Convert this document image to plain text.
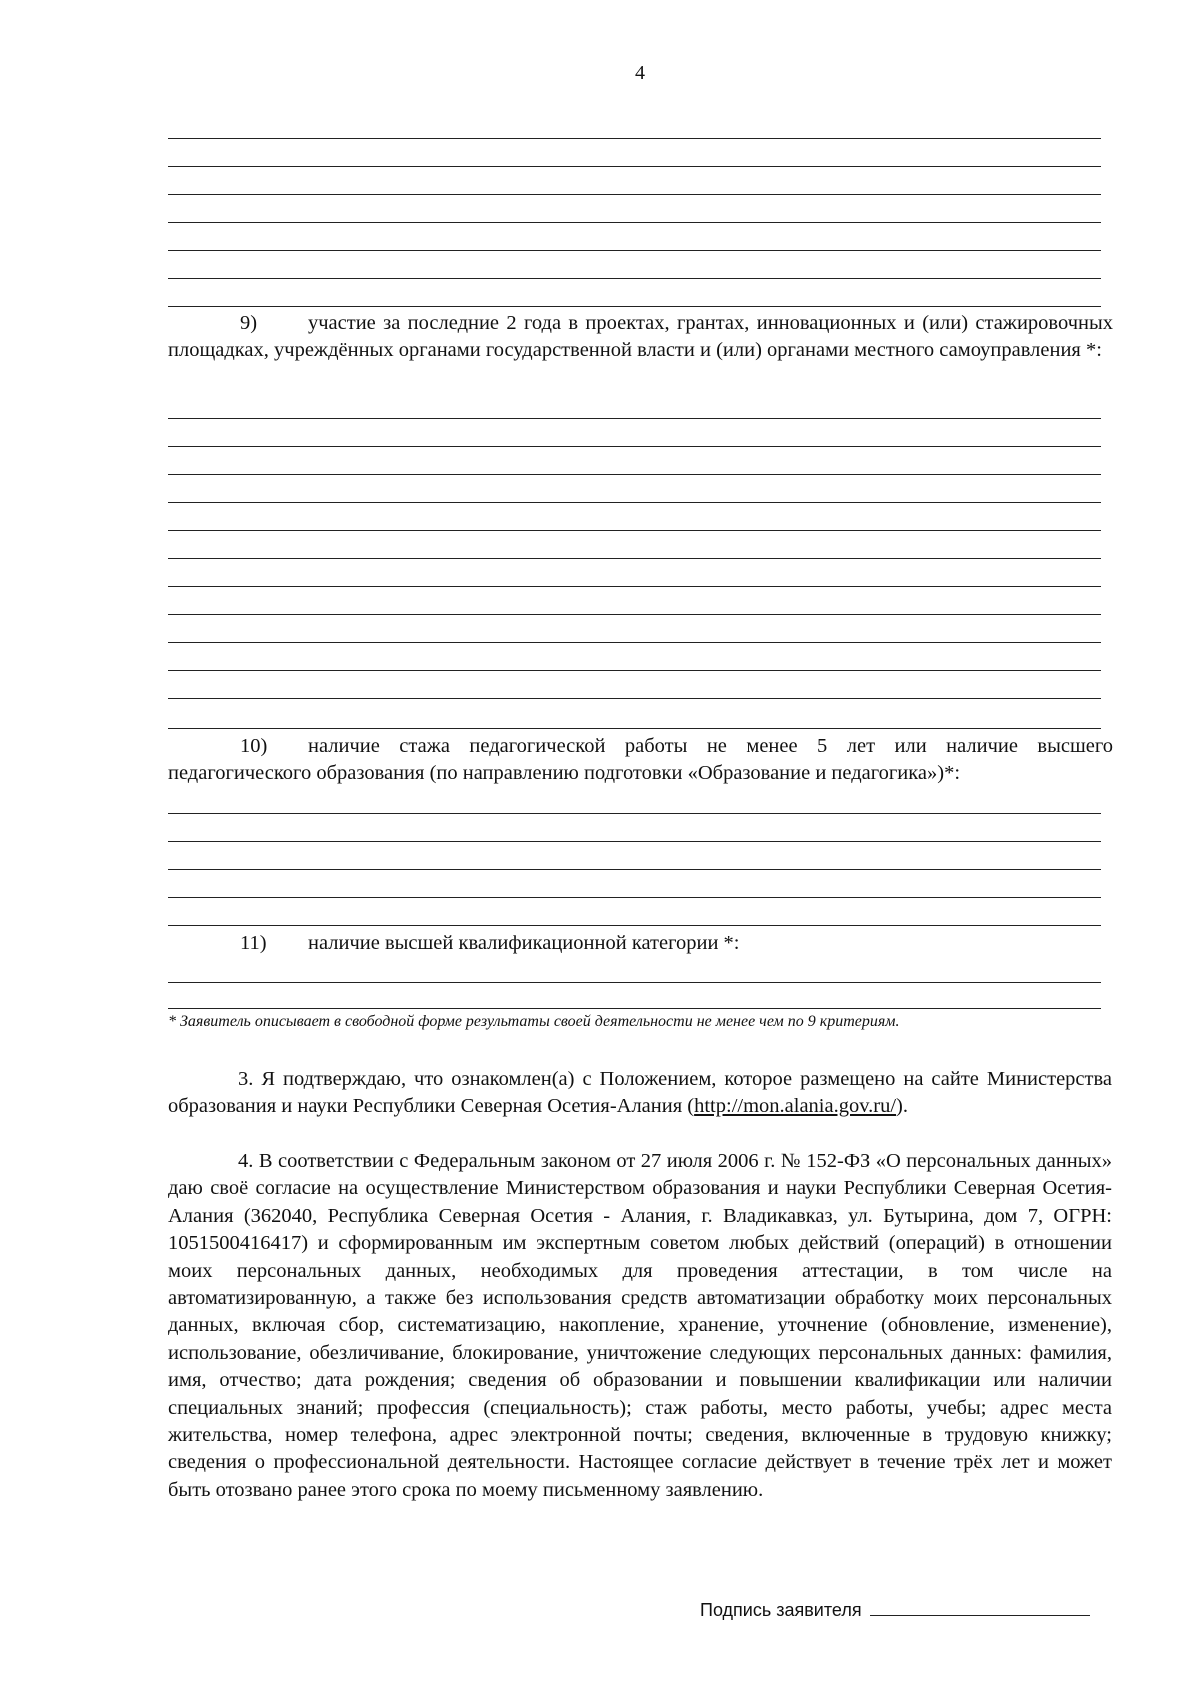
4
9) участие за последние 2 года в проектах, грантах, инновационных и (или) стажировочных площадках, учреждённых органами государственной власти и (или) органами местного самоуправления *:
10) наличие стажа педагогической работы не менее 5 лет или наличие высшего педагогического образования (по направлению подготовки «Образование и педагогика»)*:
11) наличие высшей квалификационной категории *:
* Заявитель описывает в свободной форме результаты своей деятельности не менее чем по 9 критериям.
3. Я подтверждаю, что ознакомлен(а) с Положением, которое размещено на сайте Министерства образования и науки Республики Северная Осетия-Алания (http://mon.alania.gov.ru/).
4. В соответствии с Федеральным законом от 27 июля 2006 г. № 152-ФЗ «О персональных данных» даю своё согласие на осуществление Министерством образования и науки Республики Северная Осетия-Алания (362040, Республика Северная Осетия - Алания, г. Владикавказ, ул. Бутырина, дом 7, ОГРН: 1051500416417) и сформированным им экспертным советом любых действий (операций) в отношении моих персональных данных, необходимых для проведения аттестации, в том числе на автоматизированную, а также без использования средств автоматизации обработку моих персональных данных, включая сбор, систематизацию, накопление, хранение, уточнение (обновление, изменение), использование, обезличивание, блокирование, уничтожение следующих персональных данных: фамилия, имя, отчество; дата рождения; сведения об образовании и повышении квалификации или наличии специальных знаний; профессия (специальность); стаж работы, место работы, учебы; адрес места жительства, номер телефона, адрес электронной почты; сведения, включенные в трудовую книжку; сведения о профессиональной деятельности. Настоящее согласие действует в течение трёх лет и может быть отозвано ранее этого срока по моему письменному заявлению.
Подпись заявителя
